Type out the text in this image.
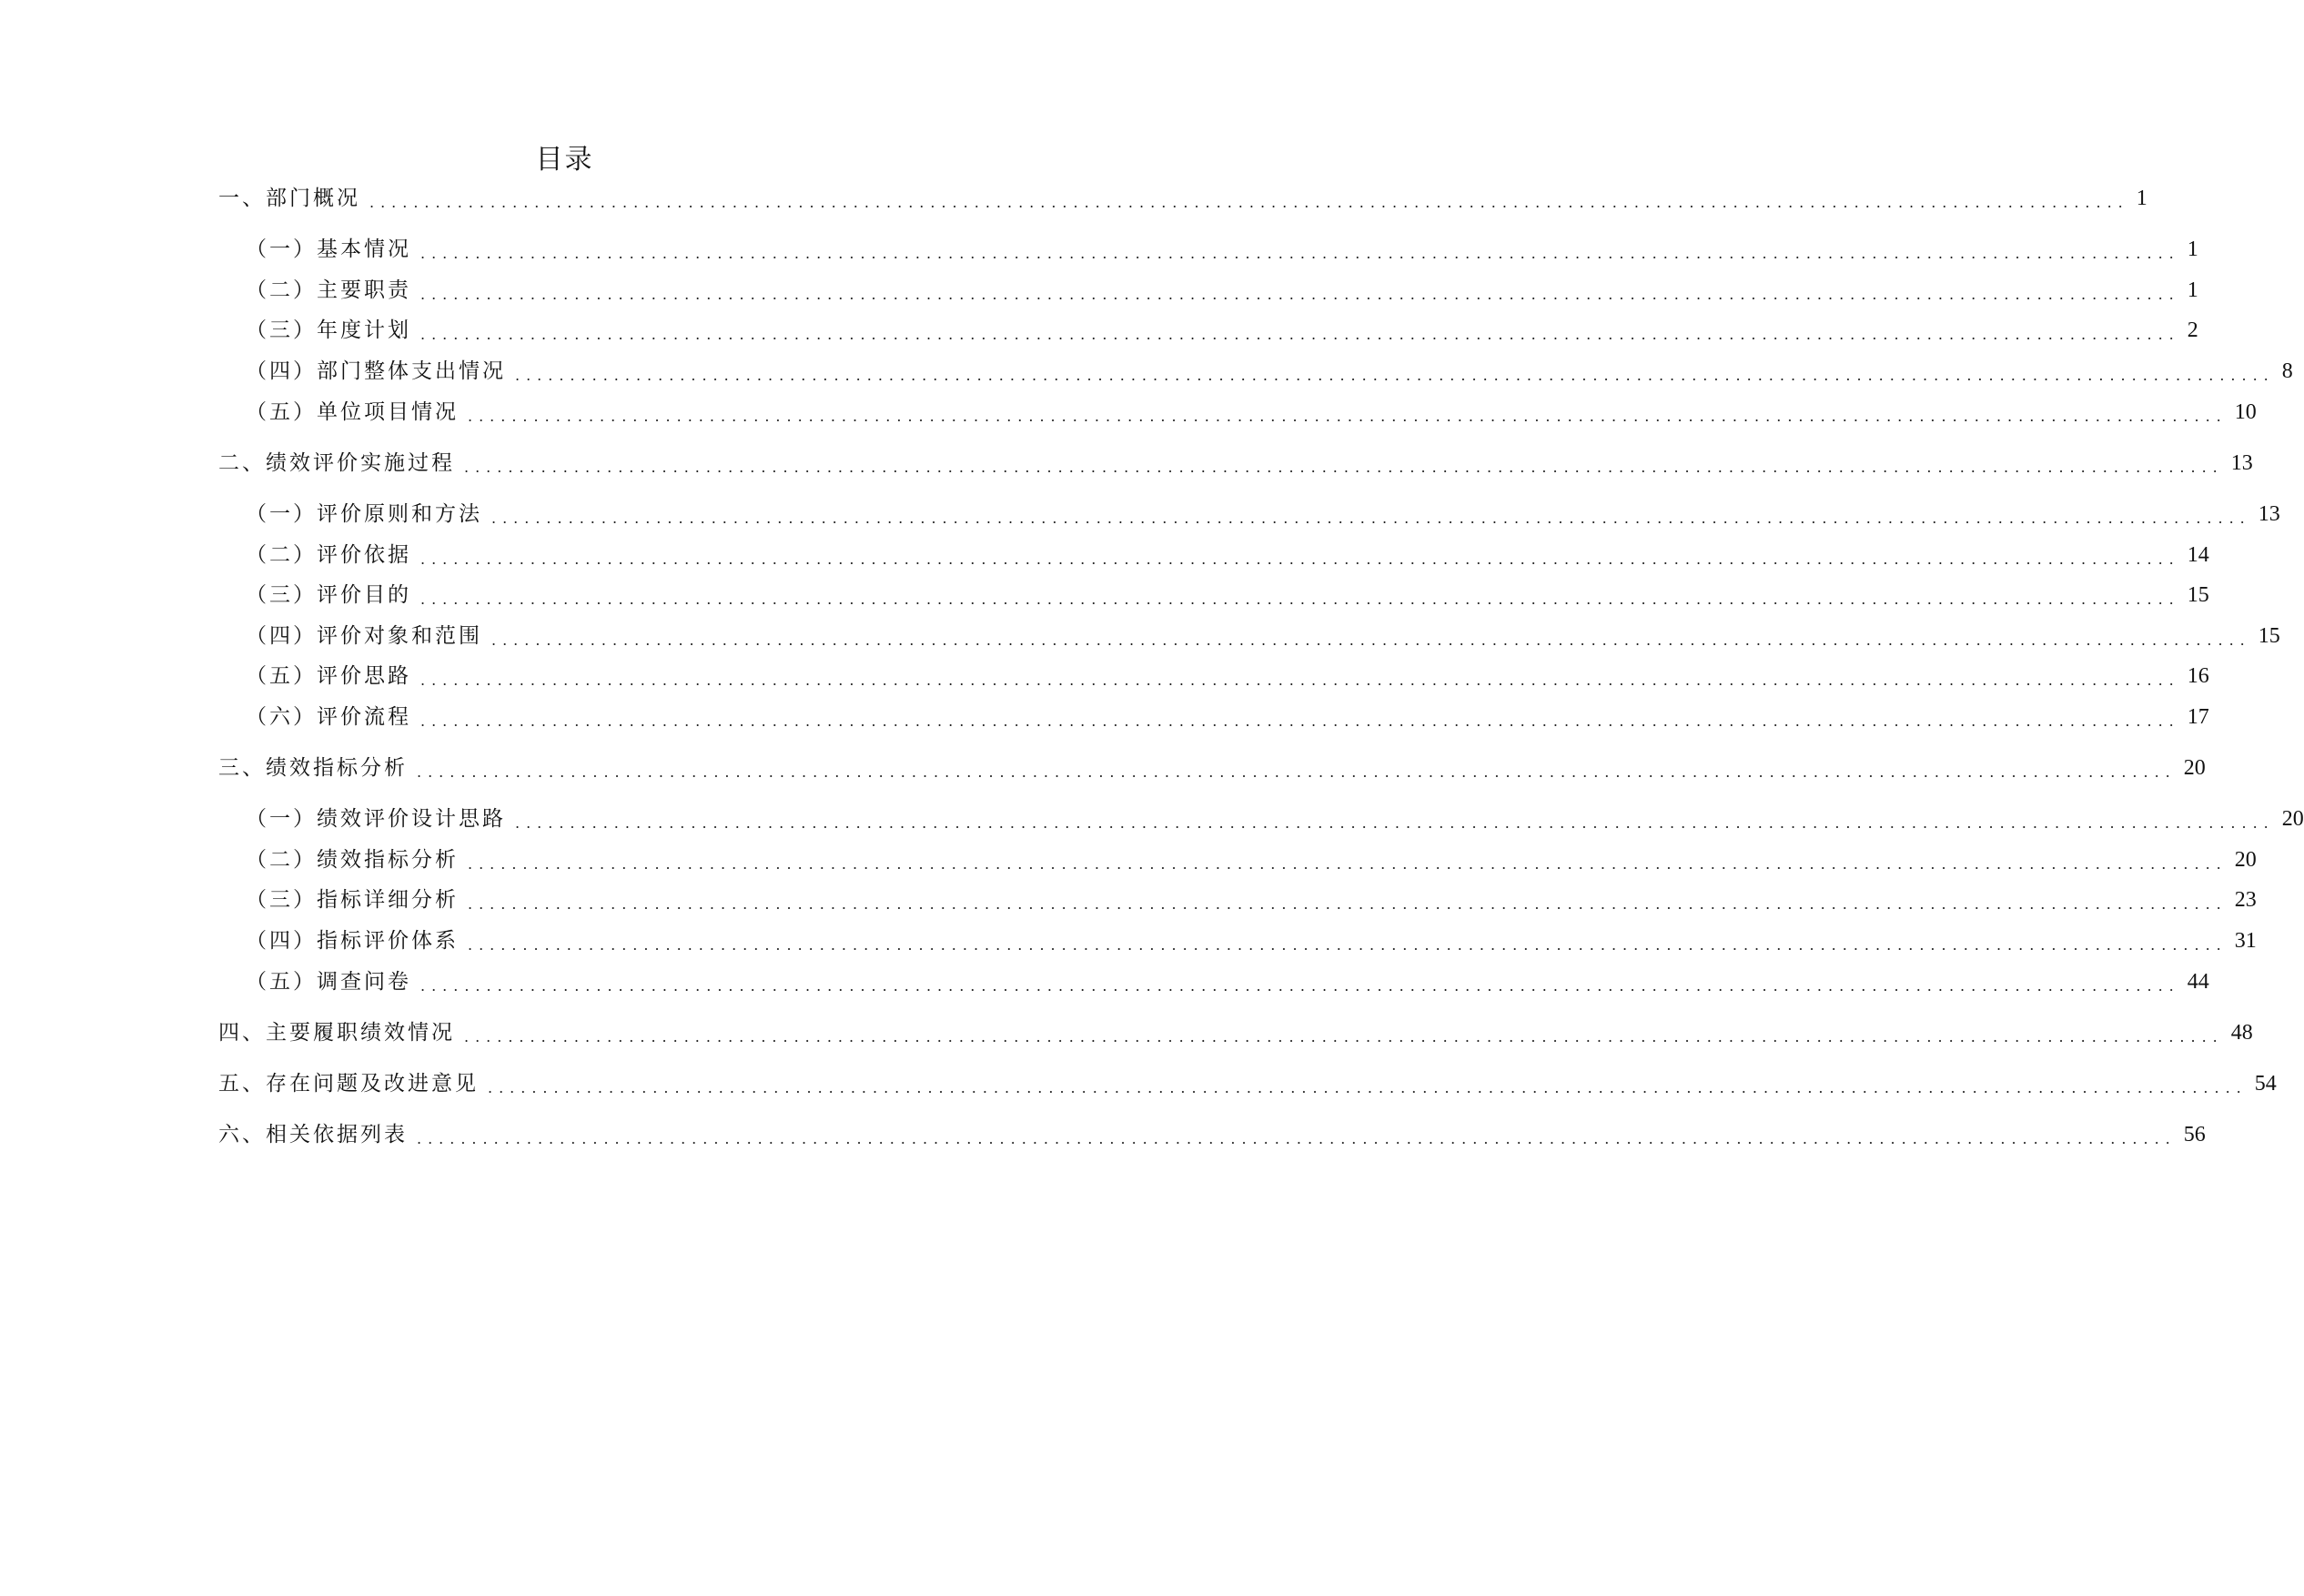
目录
一、部门概况 ................................................................................................................................................................ 1
（一）基本情况 ................................................................................................................................................................ 1
（二）主要职责 ................................................................................................................................................................ 1
（三）年度计划 ................................................................................................................................................................ 2
（四）部门整体支出情况 ................................................................................................................................................................ 8
（五）单位项目情况 ................................................................................................................................................................ 10
二、绩效评价实施过程 ................................................................................................................................................................ 13
（一）评价原则和方法 ................................................................................................................................................................ 13
（二）评价依据 ................................................................................................................................................................ 14
（三）评价目的 ................................................................................................................................................................ 15
（四）评价对象和范围 ................................................................................................................................................................ 15
（五）评价思路 ................................................................................................................................................................ 16
（六）评价流程 ................................................................................................................................................................ 17
三、绩效指标分析 ................................................................................................................................................................ 20
（一）绩效评价设计思路 ................................................................................................................................................................ 20
（二）绩效指标分析 ................................................................................................................................................................ 20
（三）指标详细分析 ................................................................................................................................................................ 23
（四）指标评价体系 ................................................................................................................................................................ 31
（五）调查问卷 ................................................................................................................................................................ 44
四、主要履职绩效情况 ................................................................................................................................................................ 48
五、存在问题及改进意见 ................................................................................................................................................................ 54
六、相关依据列表 ................................................................................................................................................................ 56
